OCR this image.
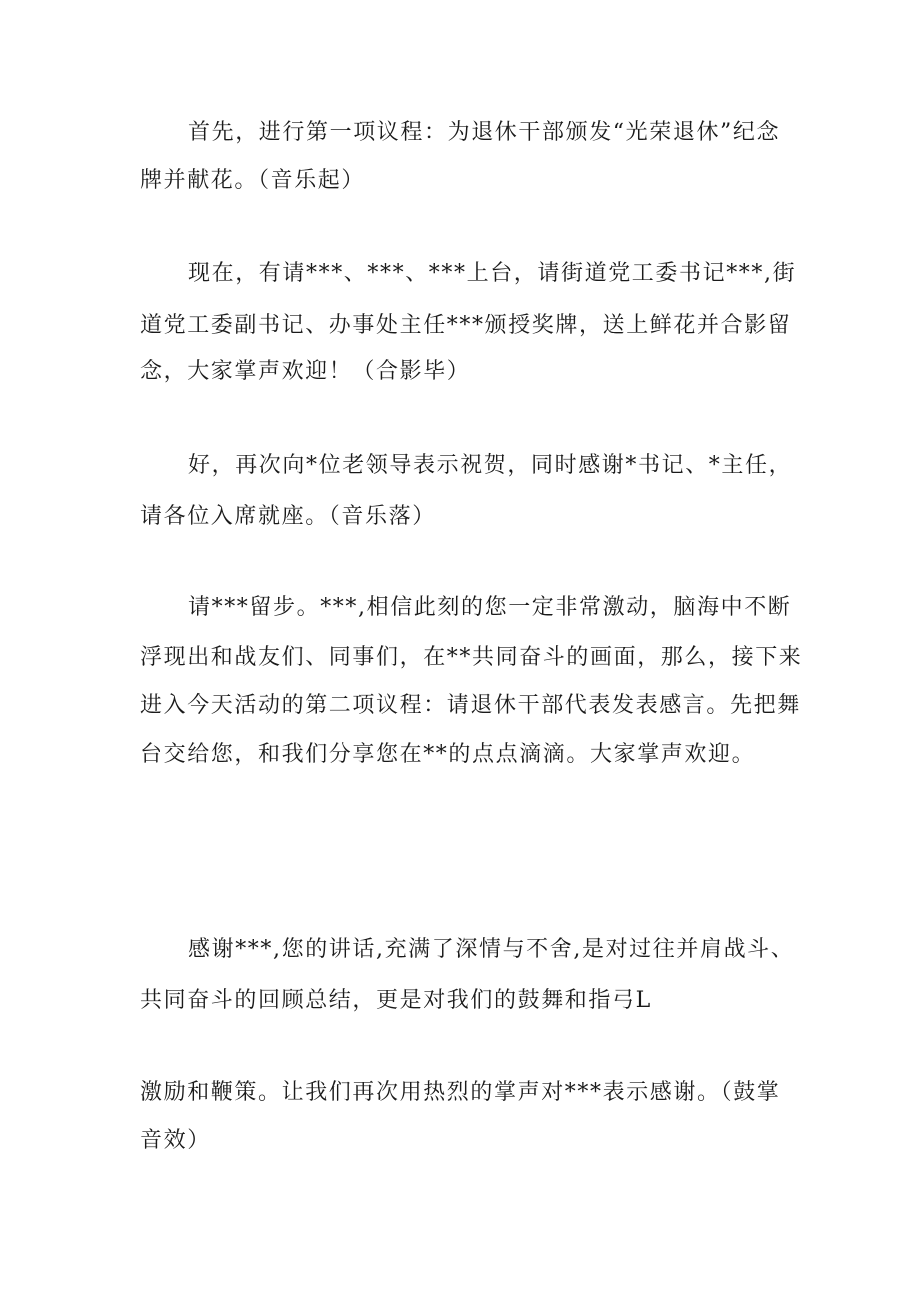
首先，进行第一项议程：为退休干部颁发“光荣退休”纪念
牌并献花。（音乐起）
现在，有请***、***、***上台，请街道党工委书记***,街
道党工委副书记、办事处主任***颁授奖牌，送上鲜花并合影留
念，大家掌声欢迎！（合影毕）
好，再次向*位老领导表示祝贺，同时感谢*书记、*主任，
请各位入席就座。（音乐落）
请***留步。***,相信此刻的您一定非常激动，脑海中不断
浮现出和战友们、同事们，在**共同奋斗的画面，那么，接下来
进入今天活动的第二项议程：请退休干部代表发表感言。先把舞
台交给您，和我们分享您在**的点点滴滴。大家掌声欢迎。
感谢***,您的讲话,充满了深情与不舍,是对过往并肩战斗、
共同奋斗的回顾总结，更是对我们的鼓舞和指弓L
激励和鞭策。让我们再次用热烈的掌声对***表示感谢。（鼓掌
音效）
